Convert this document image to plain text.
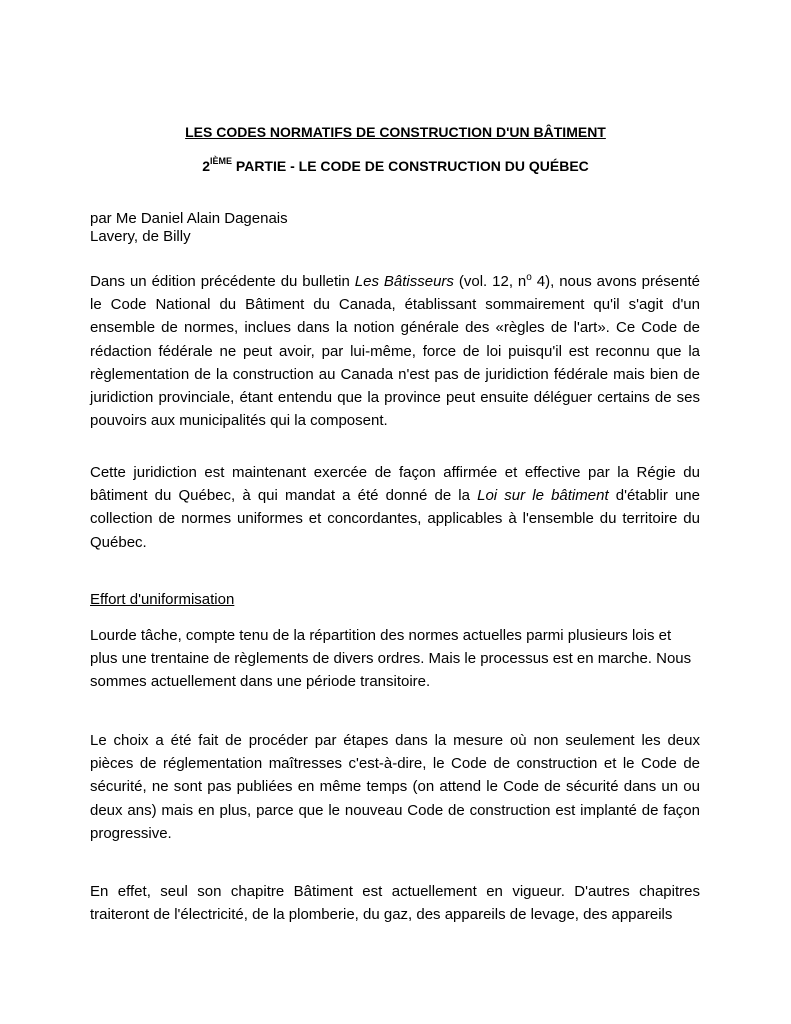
LES CODES NORMATIFS DE CONSTRUCTION D'UN BÂTIMENT
2IÈME PARTIE - LE CODE DE CONSTRUCTION DU QUÉBEC
par Me Daniel Alain Dagenais
Lavery, de Billy
Dans un édition précédente du bulletin Les Bâtisseurs (vol. 12, $n^o$ 4), nous avons présenté le Code National du Bâtiment du Canada, établissant sommairement qu'il s'agit d'un ensemble de normes, inclues dans la notion générale des «règles de l'art». Ce Code de rédaction fédérale ne peut avoir, par lui-même, force de loi puisqu'il est reconnu que la règlementation de la construction au Canada n'est pas de juridiction fédérale mais bien de juridiction provinciale, étant entendu que la province peut ensuite déléguer certains de ses pouvoirs aux municipalités qui la composent.
Cette juridiction est maintenant exercée de façon affirmée et effective par la Régie du bâtiment du Québec, à qui mandat a été donné de la Loi sur le bâtiment d'établir une collection de normes uniformes et concordantes, applicables à l'ensemble du territoire du Québec.
Effort d'uniformisation
Lourde tâche, compte tenu de la répartition des normes actuelles parmi plusieurs lois et plus une trentaine de règlements de divers ordres. Mais le processus est en marche. Nous sommes actuellement dans une période transitoire.
Le choix a été fait de procéder par étapes dans la mesure où non seulement les deux pièces de réglementation maîtresses c'est-à-dire, le Code de construction et le Code de sécurité, ne sont pas publiées en même temps (on attend le Code de sécurité dans un ou deux ans) mais en plus, parce que le nouveau Code de construction est implanté de façon progressive.
En effet, seul son chapitre Bâtiment est actuellement en vigueur. D'autres chapitres traiteront de l'électricité, de la plomberie, du gaz, des appareils de levage, des appareils
